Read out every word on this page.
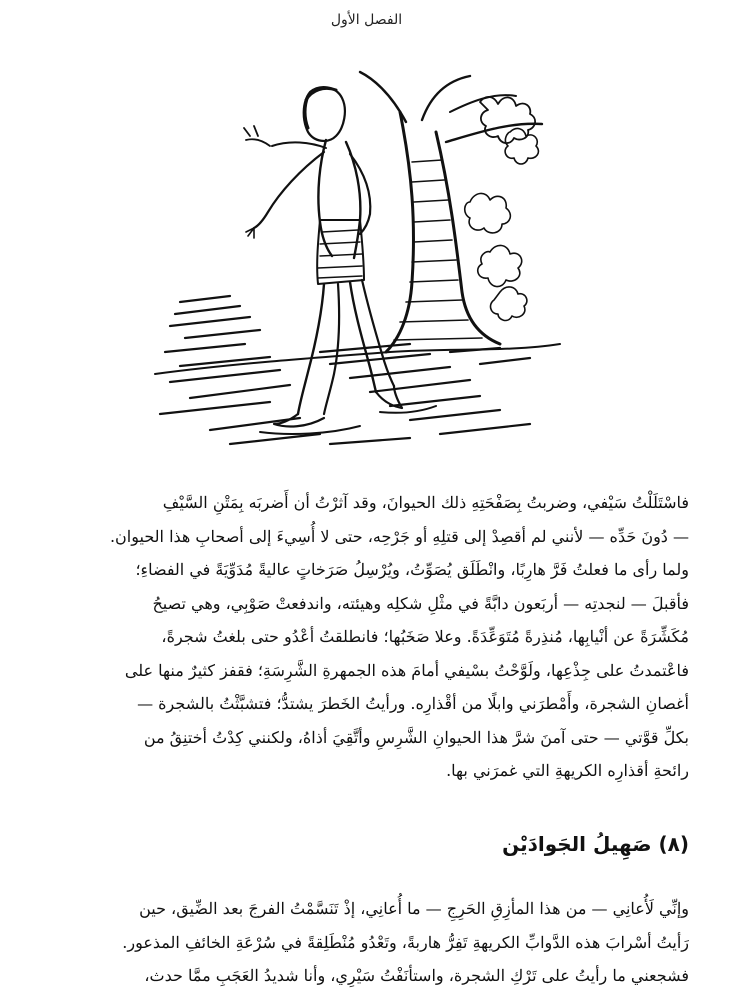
الفصل الأول
فاسْتَلَلْتُ سَيْفي، وضربتُ بِصَفْحَتِهِ ذلك الحيوانَ، وقد آثرْتُ أن أَضربَه بِمَتْنِ السَّيْفِ
— دُونَ حَدِّه — لأنني لم أقصِدْ إلى قتلِهِ أو جَرْحِه، حتى لا أُسِيءَ إلى أصحابِ هذا الحيوان.
ولما رأى ما فعلتُ فَرَّ هارِبًا، وانْطَلَق يُصَوِّتُ، ويُرْسِلُ صَرَخاتٍ عاليةً مُدَوِّيَةً في الفضاءِ؛
فأقبلَ — لنجدتِه — أربَعون دابَّةً في مثْلِ شكلِه وهيئته، واندفعتْ صَوْبِي، وهي تصيحُ
مُكَشِّرَةً عن أنْيابِها، مُنذِرةً مُتَوَعِّدَةً. وعلا صَخَبُها؛ فانطلقتُ أعْدُو حتى بلغتُ شجرةً،
فاعْتمدتُ على جِذْعِها، ولَوَّحْتُ بسْيفي أمامَ هذه الجمهرةِ الشَّرِسَةِ؛ فقفز كثيرٌ منها على
أغصانِ الشجرة، وأَمْطرَني وابلًا من أقْذارِه. ورأيتُ الخَطرَ يشتدُّ؛ فتشبَّثْتُ بالشجرة —
بكلِّ قوَّتي — حتى آمنَ شرَّ هذا الحيوانِ الشَّرِسِ وأتَّقِيَ أذاهُ، ولكنني كِدْتُ أختنِقُ من
رائحةِ أقذارِه الكريهةِ التي غمرَني بها.
(٨) صَهِيلُ الجَوادَيْن
وإنِّي لَأُعانِي — من هذا المأزِقِ الحَرِجِ — ما أُعانِي، إذْ تَنَسَّمْتُ الفرجَ بعد الضِّيق، حين
رَأيتُ أسْرابَ هذه الدَّوابِّ الكريهةِ تَفِرُّ هاربةً، وتَعْدُو مُنْطَلِقةً في سُرْعَةِ الخائفِ المذعور.
فشجعني ما رأيتُ على تَرْكِ الشجرة، واستأنَفْتُ سَيْرِي، وأنا شديدُ العَجَبِ ممَّا حدث،
